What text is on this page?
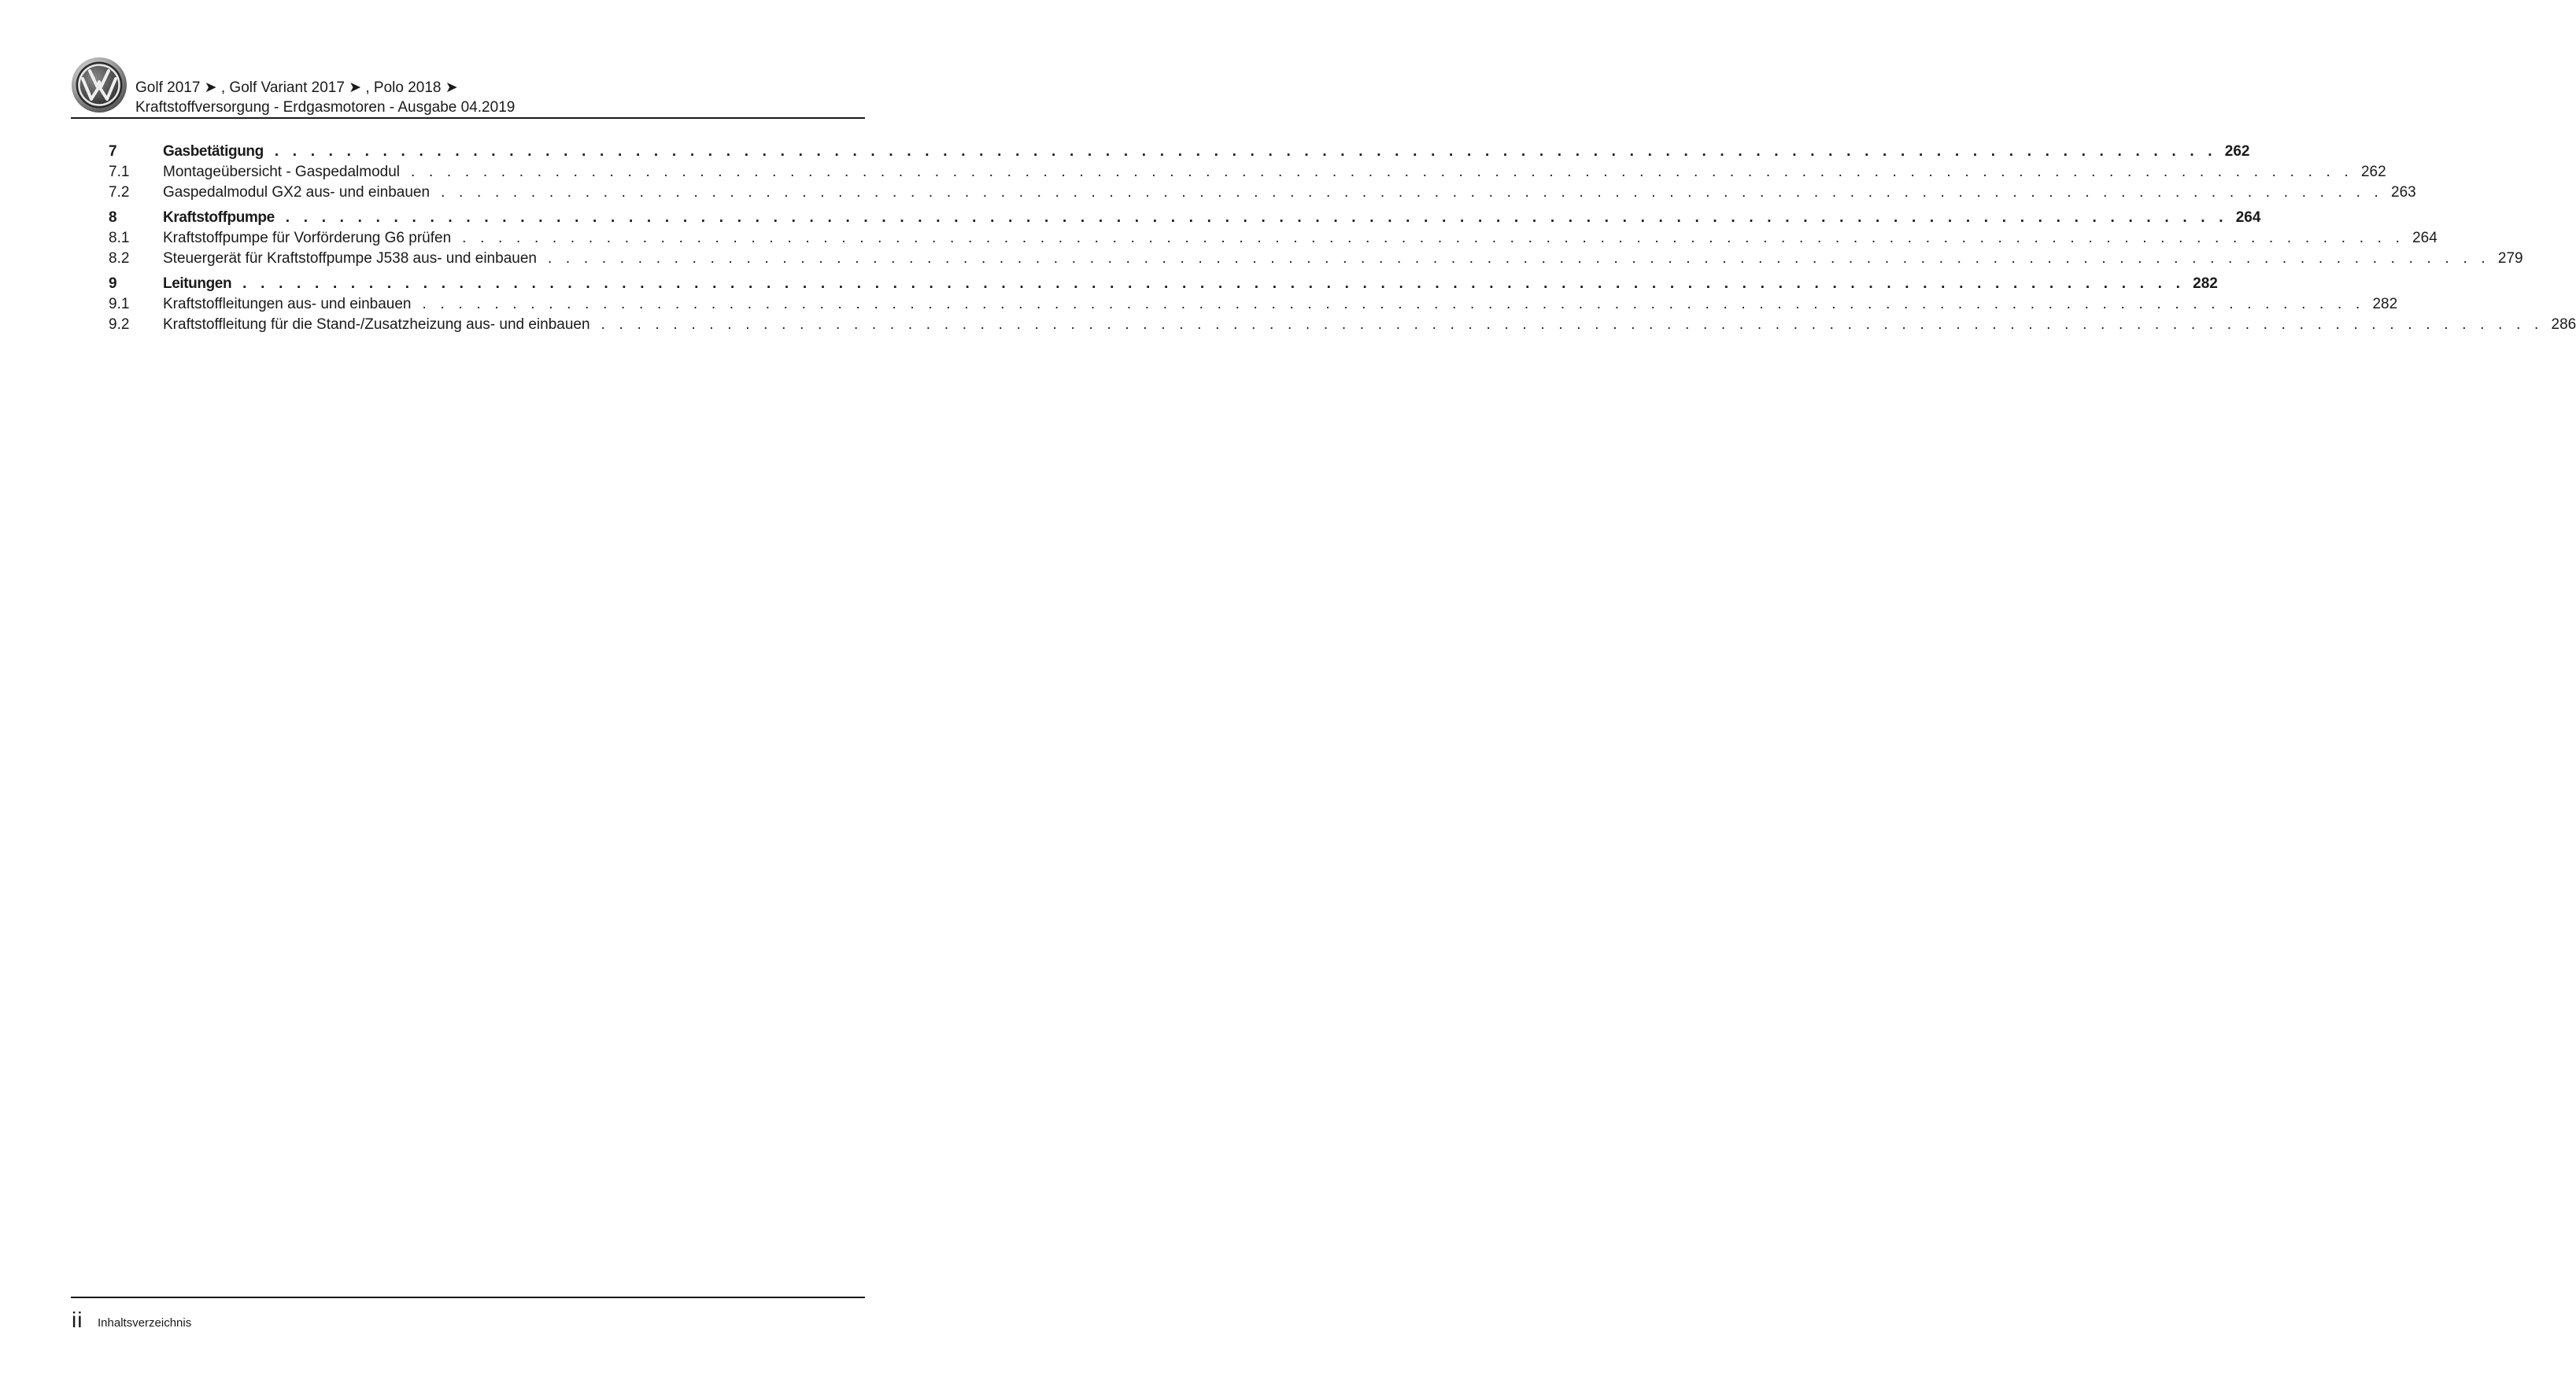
Golf 2017 ➤ , Golf Variant 2017 ➤ , Polo 2018 ➤
Kraftstoffversorgung - Erdgasmotoren - Ausgabe 04.2019
7	Gasbetätigung . . . . . . . . . . . . . . . . . . . . . . . . . . . . . . . . . . . . . . . . . . . . . . . . . . . . . . . . . . . . . . . . . . . . . . . . . . . . . . . . . . . . . . . . . . . . . . . . . . . . . . . . . . . . 262
7.1 Montageübersicht - Gaspedalmodul . . . . . . . . . . . . . . . . . . . . . . . . . . . . . . . . . . . . . . . . . . . . . . . . . . . . . . . . . . . . . . . . . . . . . . . . . . . . . . . . . . . . . . . . . . . . . . . . . . . . . . . . . . . . 262
7.2 Gaspedalmodul GX2 aus- und einbauen . . . . . . . . . . . . . . . . . . . . . . . . . . . . . . . . . . . . . . . . . . . . . . . . . . . . . . . . . . . . . . . . . . . . . . . . . . . . . . . . . . . . . . . . . . . . . . . . . . . . . . . . . . . . 263
8	Kraftstoffpumpe . . . . . . . . . . . . . . . . . . . . . . . . . . . . . . . . . . . . . . . . . . . . . . . . . . . . . . . . . . . . . . . . . . . . . . . . . . . . . . . . . . . . . . . . . . . . . . . . . . . . . . . . . . . . 264
8.1 Kraftstoffpumpe für Vorförderung G6 prüfen . . . . . . . . . . . . . . . . . . . . . . . . . . . . . . . . . . . . . . . . . . . . . . . . . . . . . . . . . . . . . . . . . . . . . . . . . . . . . . . . . . . . . . . . . . . . . . . . . . . . . . . . . . . . 264
8.2 Steuergerät für Kraftstoffpumpe J538 aus- und einbauen . . . . . . . . . . . . . . . . . . . . . . . . . . . . . . . . . . . . . . . . . . . . . . . . . . . . . . . . . . . . . . . . . . . . . . . . . . . . . . . . . . . . . . . . . . . . . . . . . . . . . . . . . . . . 279
9	Leitungen . . . . . . . . . . . . . . . . . . . . . . . . . . . . . . . . . . . . . . . . . . . . . . . . . . . . . . . . . . . . . . . . . . . . . . . . . . . . . . . . . . . . . . . . . . . . . . . . . . . . . . . . . . . . 282
9.1 Kraftstoffleitungen aus- und einbauen . . . . . . . . . . . . . . . . . . . . . . . . . . . . . . . . . . . . . . . . . . . . . . . . . . . . . . . . . . . . . . . . . . . . . . . . . . . . . . . . . . . . . . . . . . . . . . . . . . . . . . . . . . . . 282
9.2 Kraftstoffleitung für die Stand-/Zusatzheizung aus- und einbauen . . . . . . . . . . . . . . . . . . . . . . . . . . . . . . . . . . . . . . . . . . . . . . . . . . . . . . . . . . . . . . . . . . . . . . . . . . . . . . . . . . . . . . . . . . . . . . . . . . . . . . . . . . . . 286
ii Inhaltsverzeichnis
